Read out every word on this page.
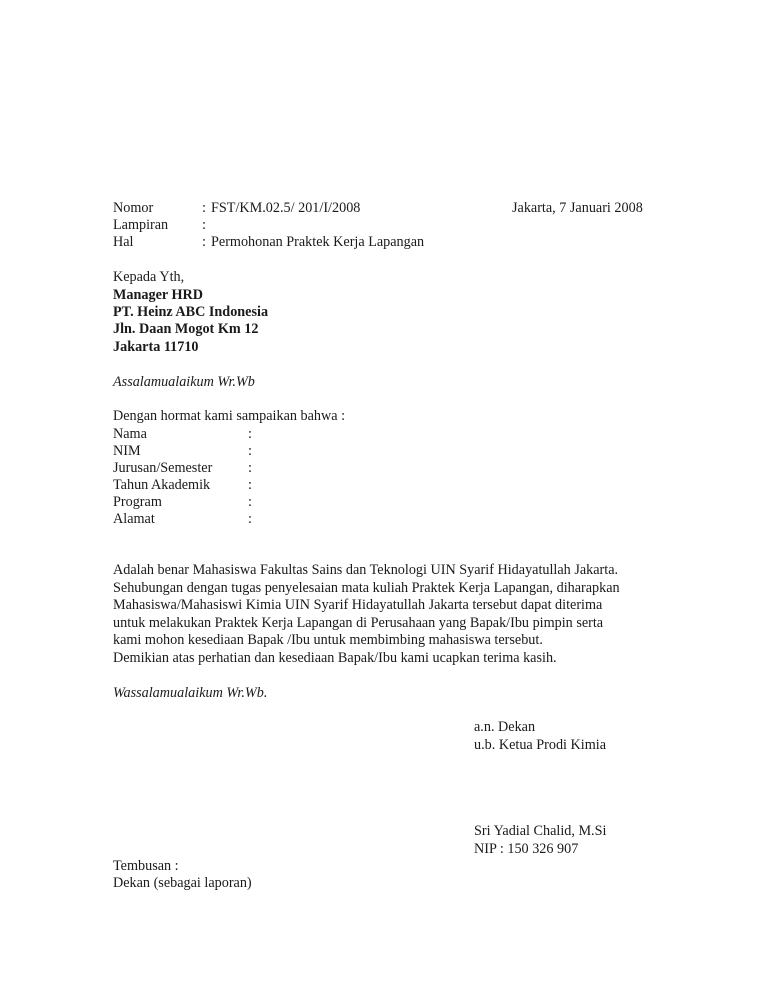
Nomor	: FST/KM.02.5/ 201/I/2008	Jakarta, 7 Januari 2008
Lampiran :
Hal	: Permohonan Praktek Kerja Lapangan
Kepada Yth,
Manager HRD
PT. Heinz ABC Indonesia
Jln. Daan Mogot Km 12
Jakarta 11710
Assalamualaikum Wr.Wb
Dengan hormat kami sampaikan bahwa :
Nama	:
NIM	:
Jurusan/Semester	:
Tahun Akademik	:
Program	:
Alamat	:
Adalah benar Mahasiswa Fakultas Sains dan Teknologi UIN Syarif Hidayatullah Jakarta.
Sehubungan dengan tugas penyelesaian mata kuliah Praktek Kerja Lapangan, diharapkan
Mahasiswa/Mahasiswi Kimia UIN Syarif Hidayatullah Jakarta tersebut dapat diterima
untuk melakukan Praktek Kerja Lapangan di Perusahaan yang Bapak/Ibu pimpin serta
kami mohon kesediaan Bapak /Ibu untuk membimbing mahasiswa tersebut.
Demikian atas perhatian dan kesediaan Bapak/Ibu kami ucapkan terima kasih.
Wassalamualaikum Wr.Wb.
a.n. Dekan
u.b. Ketua Prodi Kimia
Sri Yadial Chalid, M.Si
NIP : 150 326 907
Tembusan :
Dekan (sebagai laporan)
